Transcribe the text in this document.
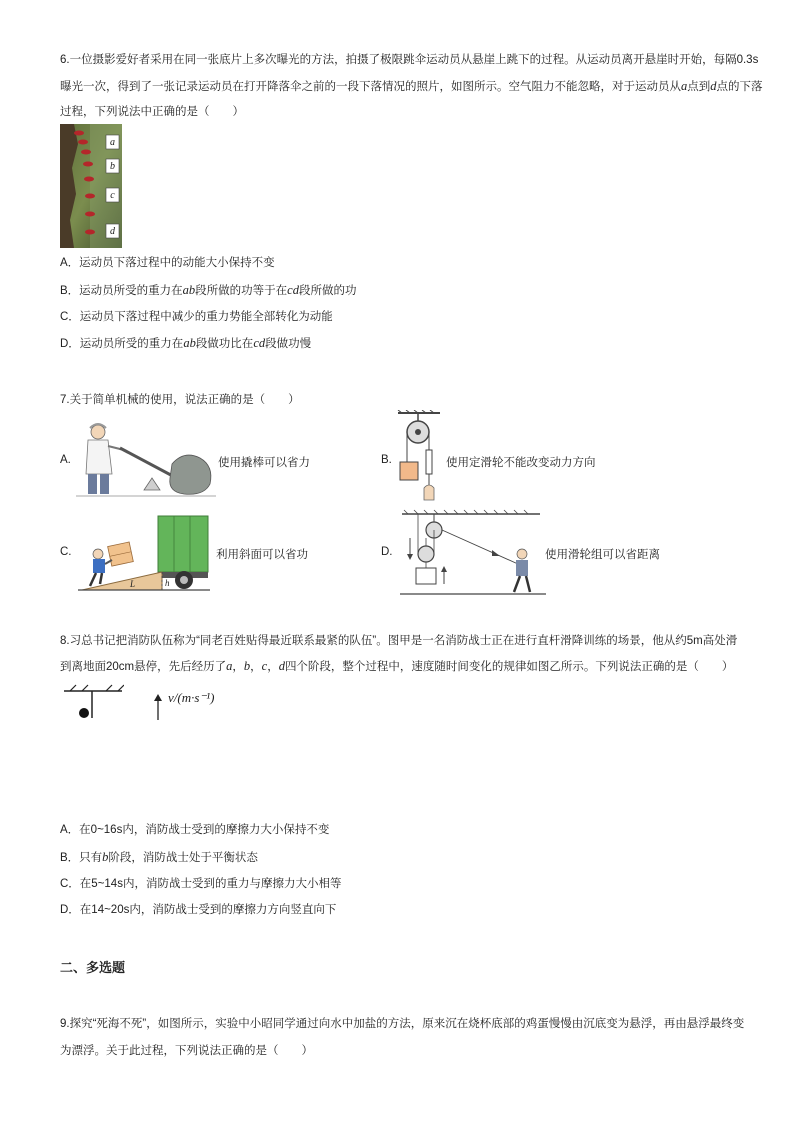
6.一位摄影爱好者采用在同一张底片上多次曝光的方法，拍摄了极限跳伞运动员从悬崖上跳下的过程。从运动员离开悬崖时开始，每隔0.3s
曝光一次，得到了一张记录运动员在打开降落伞之前的一段下落情况的照片，如图所示。空气阻力不能忽略，对于运动员从a点到d点的下落
过程，下列说法中正确的是（　　）
a
b
c
d
A．运动员下落过程中的动能大小保持不变
B．运动员所受的重力在ab段所做的功等于在cd段所做的功
C．运动员下落过程中减少的重力势能全部转化为动能
D．运动员所受的重力在ab段做功比在cd段做功慢
7.关于简单机械的使用，说法正确的是（　　）
A.	使用撬棒可以省力	B.	使用定滑轮不能改变动力方向
C.
h
L
利用斜面可以省功	D.	使用滑轮组可以省距离
8.习总书记把消防队伍称为“同老百姓贴得最近联系最紧的队伍”。图甲是一名消防战士正在进行直杆滑降训练的场景，他从约5m高处滑
到离地面20cm悬停，先后经历了a，b，c，d四个阶段，整个过程中，速度随时间变化的规律如图乙所示。下列说法正确的是（　　）
v/(m·s⁻¹)
A．在0~16s内，消防战士受到的摩擦力大小保持不变
B．只有b阶段，消防战士处于平衡状态
C．在5~14s内，消防战士受到的重力与摩擦力大小相等
D．在14~20s内，消防战士受到的摩擦力方向竖直向下
二、多选题
9.探究“死海不死”，如图所示，实验中小昭同学通过向水中加盐的方法，原来沉在烧杯底部的鸡蛋慢慢由沉底变为悬浮，再由悬浮最终变
为漂浮。关于此过程，下列说法正确的是（　　）
